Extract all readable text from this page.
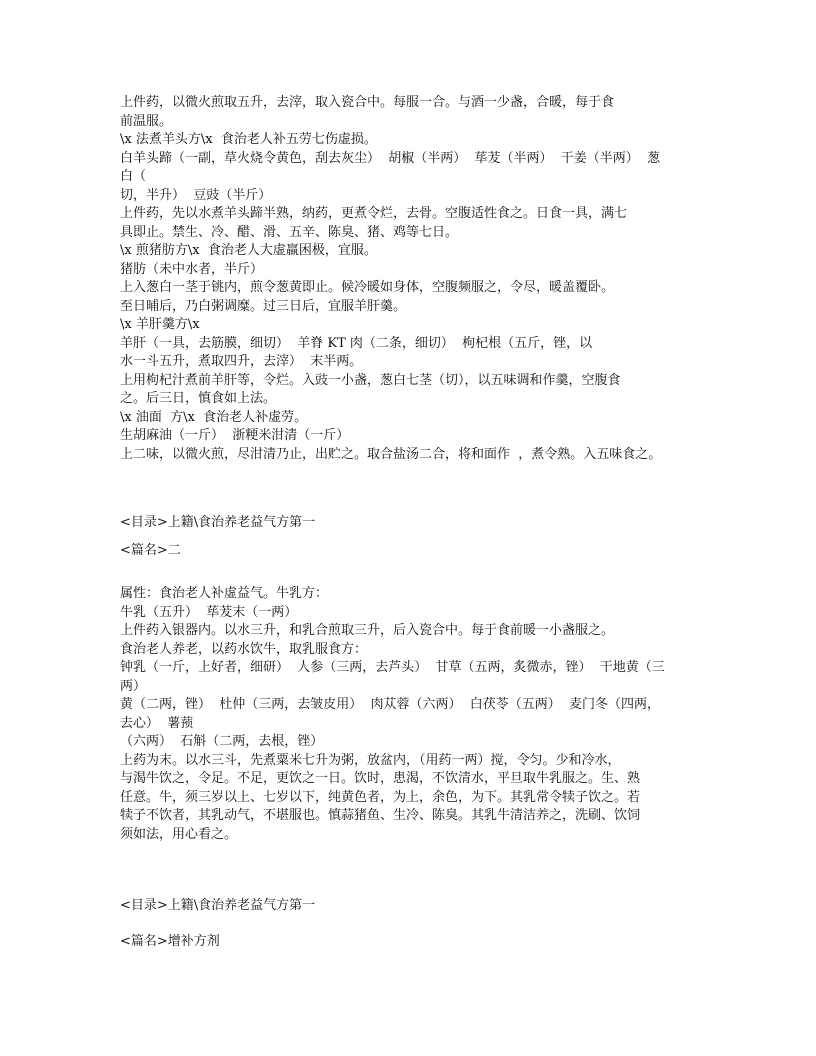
上件药，以微火煎取五升，去滓，取入瓷合中。每服一合。与酒一少盏，合暖，每于食
前温服。
\x 法煮羊头方\x  食治老人补五劳七伤虚损。
白羊头蹄（一副，草火烧令黄色，刮去灰尘）  胡椒（半两）  荜茇（半两）  干姜（半两）  葱
白（
切，半升）  豆豉（半斤）
上件药，先以水煮羊头蹄半熟，纳药，更煮令烂，去骨。空腹适性食之。日食一具，满七
具即止。禁生、冷、醋、滑、五辛、陈臭、猪、鸡等七日。
\x 煎猪肪方\x  食治老人大虚羸困极，宜服。
猪肪（未中水者，半斤）
上入葱白一茎于铫内，煎令葱黄即止。候冷暖如身体，空腹频服之，令尽，暖盖覆卧。
至日晡后，乃白粥调糜。过三日后，宜服羊肝羹。
\x 羊肝羹方\x
羊肝（一具，去筋膜，细切）  羊脊 KT 肉（二条，细切）  枸杞根（五斤，锉，以
水一斗五升，煮取四升，去滓）  末半两。
上用枸杞汁煮前羊肝等，令烂。入豉一小盏，葱白七茎（切），以五味调和作羹，空腹食
之。后三日，慎食如上法。
\x 油面  方\x  食治老人补虚劳。
生胡麻油（一斤）  浙粳米泔清（一斤）
上二味，以微火煎，尽泔清乃止，出贮之。取合盐汤二合，将和面作  ，煮令熟。入五味食之。
<目录>上籍\食治养老益气方第一
<篇名>二
属性：食治老人补虚益气。牛乳方：
牛乳（五升）  荜茇末（一两）
上件药入银器内。以水三升，和乳合煎取三升，后入瓷合中。每于食前暖一小盏服之。
食治老人养老，以药水饮牛，取乳服食方：
钟乳（一斤，上好者，细研）  人参（三两，去芦头）  甘草（五两，炙微赤，锉）  干地黄（三
两）
黄（二两，锉）  杜仲（三两，去皱皮用）  肉苁蓉（六两）  白茯苓（五两）  麦门冬（四两，
去心）  薯蓣
（六两）  石斛（二两，去根，锉）
上药为末。以水三斗，先煮粟米七升为粥，放盆内，（用药一两）搅，令匀。少和冷水，
与渴牛饮之，令足。不足，更饮之一日。饮时，患渴，不饮清水，平旦取牛乳服之。生、熟
任意。牛，须三岁以上、七岁以下，纯黄色者，为上，余色，为下。其乳常令犊子饮之。若
犊子不饮者，其乳动气，不堪服也。慎蒜猪鱼、生冷、陈臭。其乳牛清洁养之，洗刷、饮饲
须如法，用心看之。
<目录>上籍\食治养老益气方第一
<篇名>增补方剂
